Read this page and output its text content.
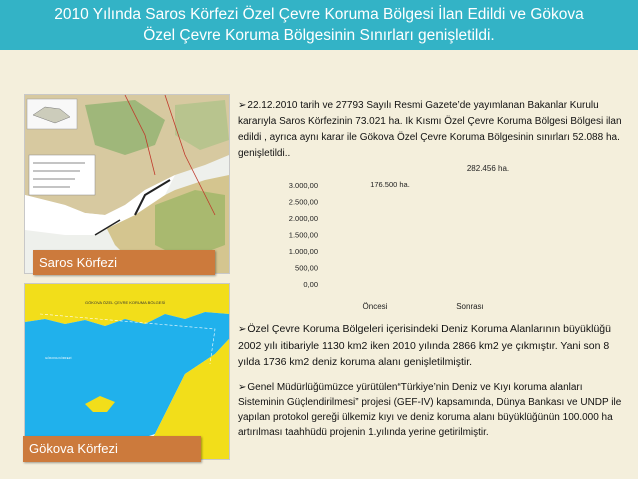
2010 Yılında Saros Körfezi Özel Çevre Koruma Bölgesi İlan Edildi ve Gökova
Özel Çevre Koruma Bölgesinin Sınırları genişletildi.
Saros Körfezi
GÖKOVA ÖZEL ÇEVRE KORUMA BÖLGESİ
GÖKOVA KÖRFEZİ
Gökova Körfezi
➢22.12.2010 tarih ve 27793 Sayılı Resmi Gazete’de yayımlanan Bakanlar Kurulu kararıyla Saros Körfezinin 73.021 ha. Ik Kısmı Özel Çevre Koruma Bölgesi Bölgesi ilan edildi , ayrıca aynı karar ile Gökova Özel Çevre Koruma Bölgesinin sınırları 52.088 ha. genişletildi..
3.000,00
2.500,00
2.000,00
1.500,00
1.000,00
500,00
0,00
176.500 ha.
282.456 ha.
Öncesi	Sonrası
➢Özel Çevre Koruma Bölgeleri içerisindeki Deniz Koruma Alanlarının büyüklüğü 2002 yılı itibariyle 1130 km2 iken 2010 yılında 2866 km2 ye çıkmıştır. Yani son 8 yılda 1736 km2 deniz koruma alanı genişletilmiştir.
➢Genel Müdürlüğümüzce yürütülen“Türkiye’nin Deniz ve Kıyı koruma alanları Sisteminin Güçlendirilmesi” projesi (GEF-IV) kapsamında, Dünya Bankası ve UNDP ile yapılan protokol gereği ülkemiz kıyı ve deniz koruma alanı büyüklüğünün 100.000 ha artırılması taahhüdü projenin 1.yılında yerine getirilmiştir.
